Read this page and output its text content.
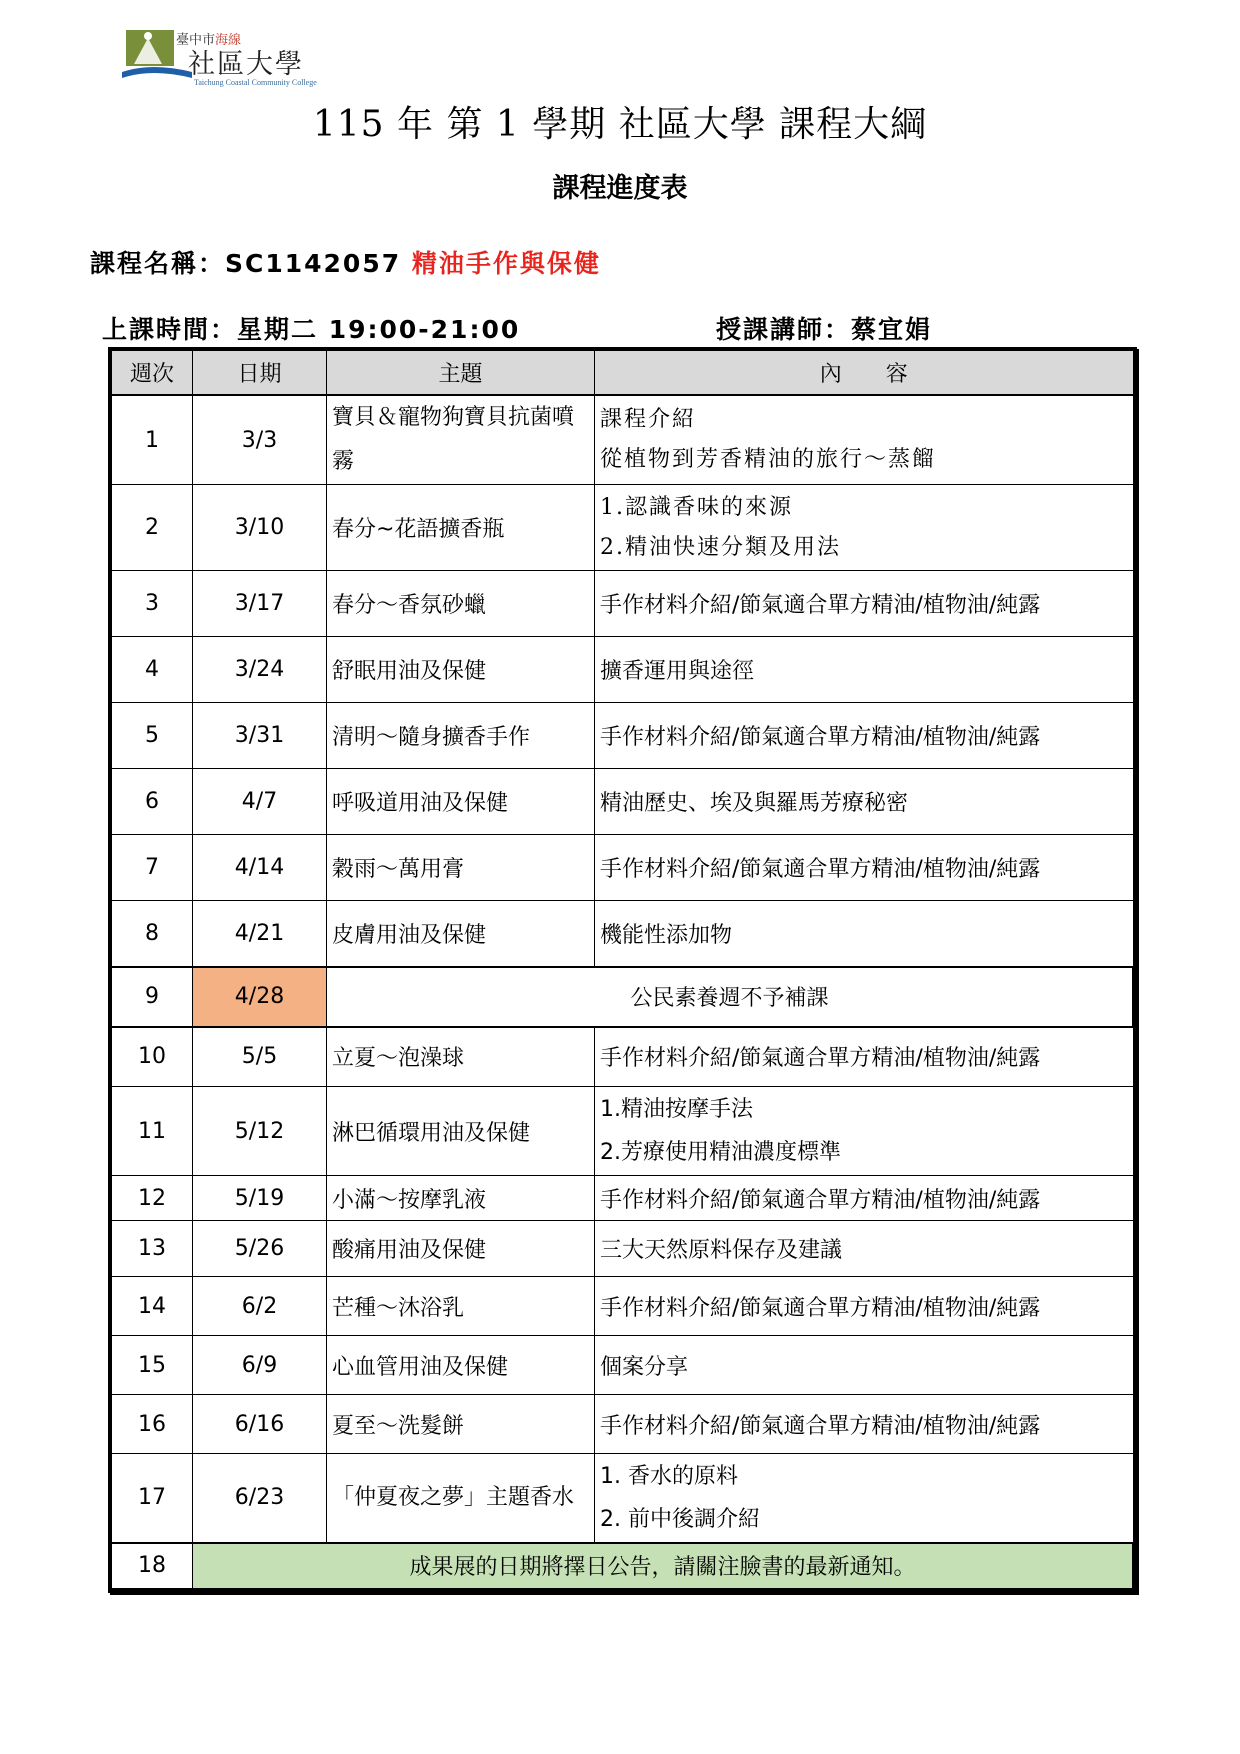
臺中市海線
社區大學
Taichung Coastal Community College
115 年 第 1 學期 社區大學 課程大綱
課程進度表
課程名稱：SC1142057 精油手作與保健
上課時間：星期二 19:00-21:00	授課講師：蔡宜娟
週次	日期	主題	內　　容
1	3/3	寶貝＆寵物狗寶貝抗菌噴霧	課程介紹
從植物到芳香精油的旅行～蒸餾

2	3/10	春分~花語擴香瓶	1.認識香味的來源
2.精油快速分類及用法

3	3/17	春分～香氛砂蠟	手作材料介紹/節氣適合單方精油/植物油/純露
4	3/24	舒眠用油及保健	擴香運用與途徑
5	3/31	清明～隨身擴香手作	手作材料介紹/節氣適合單方精油/植物油/純露
6	4/7	呼吸道用油及保健	精油歷史、埃及與羅馬芳療秘密
7	4/14	穀雨～萬用膏	手作材料介紹/節氣適合單方精油/植物油/純露
8	4/21	皮膚用油及保健	機能性添加物
9	4/28	公民素養週不予補課	
10	5/5	立夏～泡澡球	手作材料介紹/節氣適合單方精油/植物油/純露
11	5/12	淋巴循環用油及保健	1.精油按摩手法
2.芳療使用精油濃度標準

12	5/19	小滿～按摩乳液	手作材料介紹/節氣適合單方精油/植物油/純露
13	5/26	酸痛用油及保健	三大天然原料保存及建議
14	6/2	芒種～沐浴乳	手作材料介紹/節氣適合單方精油/植物油/純露
15	6/9	心血管用油及保健	個案分享
16	6/16	夏至～洗髮餅	手作材料介紹/節氣適合單方精油/植物油/純露
17	6/23	「仲夏夜之夢」主題香水	1. 香水的原料
2. 前中後調介紹

18	成果展的日期將擇日公告，請關注臉書的最新通知。		
